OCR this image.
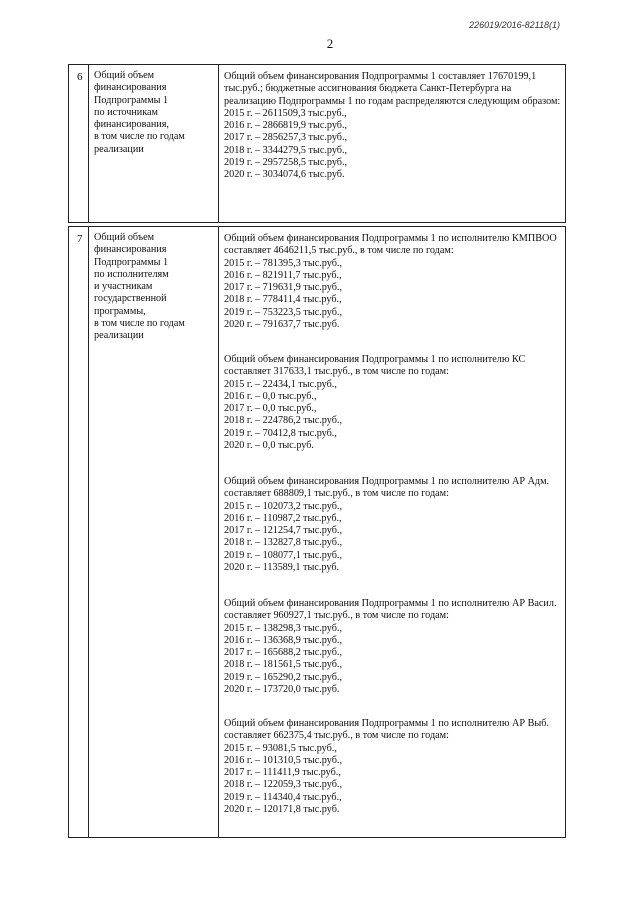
226019/2016-82118(1)
2
6	Общий объем
финансирования
Подпрограммы 1
по источникам
финансирования,
в том числе по годам
реализации

Общий объем финансирования Подпрограммы 1 составляет 17670199,1 тыс.руб.; бюджетные ассигнования бюджета Санкт-Петербурга на реализацию Подпрограммы 1 по годам распределяются следующим образом:

2015 г. – 2611509,3 тыс.руб.,
2016 г. – 2866819,9 тыс.руб.,
2017 г. – 2856257,3 тыс.руб.,
2018 г. – 3344279,5 тыс.руб.,
2019 г. – 2957258,5 тыс.руб.,
2020 г. – 3034074,6 тыс.руб.
7	Общий объем
финансирования
Подпрограммы 1
по исполнителям
и участникам
государственной
программы,
в том числе по годам
реализации

Общий объем финансирования Подпрограммы 1 по исполнителю КМПВОО составляет 4646211,5 тыс.руб., в том числе по годам:

2015 г. – 781395,3 тыс.руб.,
2016 г. – 821911,7 тыс.руб.,
2017 г. – 719631,9 тыс.руб.,
2018 г. – 778411,4 тыс.руб.,
2019 г. – 753223,5 тыс.руб.,
2020 г. – 791637,7 тыс.руб.

Общий объем финансирования Подпрограммы 1 по исполнителю КС составляет 317633,1 тыс.руб., в том числе по годам:

2015 г. – 22434,1 тыс.руб.,
2016 г. – 0,0 тыс.руб.,
2017 г. – 0,0 тыс.руб.,
2018 г. – 224786,2 тыс.руб.,
2019 г. – 70412,8 тыс.руб.,
2020 г. – 0,0 тыс.руб.

Общий объем финансирования Подпрограммы 1 по исполнителю АР Адм. составляет 688809,1 тыс.руб., в том числе по годам:

2015 г. – 102073,2 тыс.руб.,
2016 г. – 110987,2 тыс.руб.,
2017 г. – 121254,7 тыс.руб.,
2018 г. – 132827,8 тыс.руб.,
2019 г. – 108077,1 тыс.руб.,
2020 г. – 113589,1 тыс.руб.

Общий объем финансирования Подпрограммы 1 по исполнителю АР Васил. составляет 960927,1 тыс.руб., в том числе по годам:

2015 г. – 138298,3 тыс.руб.,
2016 г. – 136368,9 тыс.руб.,
2017 г. – 165688,2 тыс.руб.,
2018 г. – 181561,5 тыс.руб.,
2019 г. – 165290,2 тыс.руб.,
2020 г. – 173720,0 тыс.руб.

Общий объем финансирования Подпрограммы 1 по исполнителю АР Выб. составляет 662375,4 тыс.руб., в том числе по годам:

2015 г. – 93081,5 тыс.руб.,
2016 г. – 101310,5 тыс.руб.,
2017 г. – 111411,9 тыс.руб.,
2018 г. – 122059,3 тыс.руб.,
2019 г. – 114340,4 тыс.руб.,
2020 г. – 120171,8 тыс.руб.
